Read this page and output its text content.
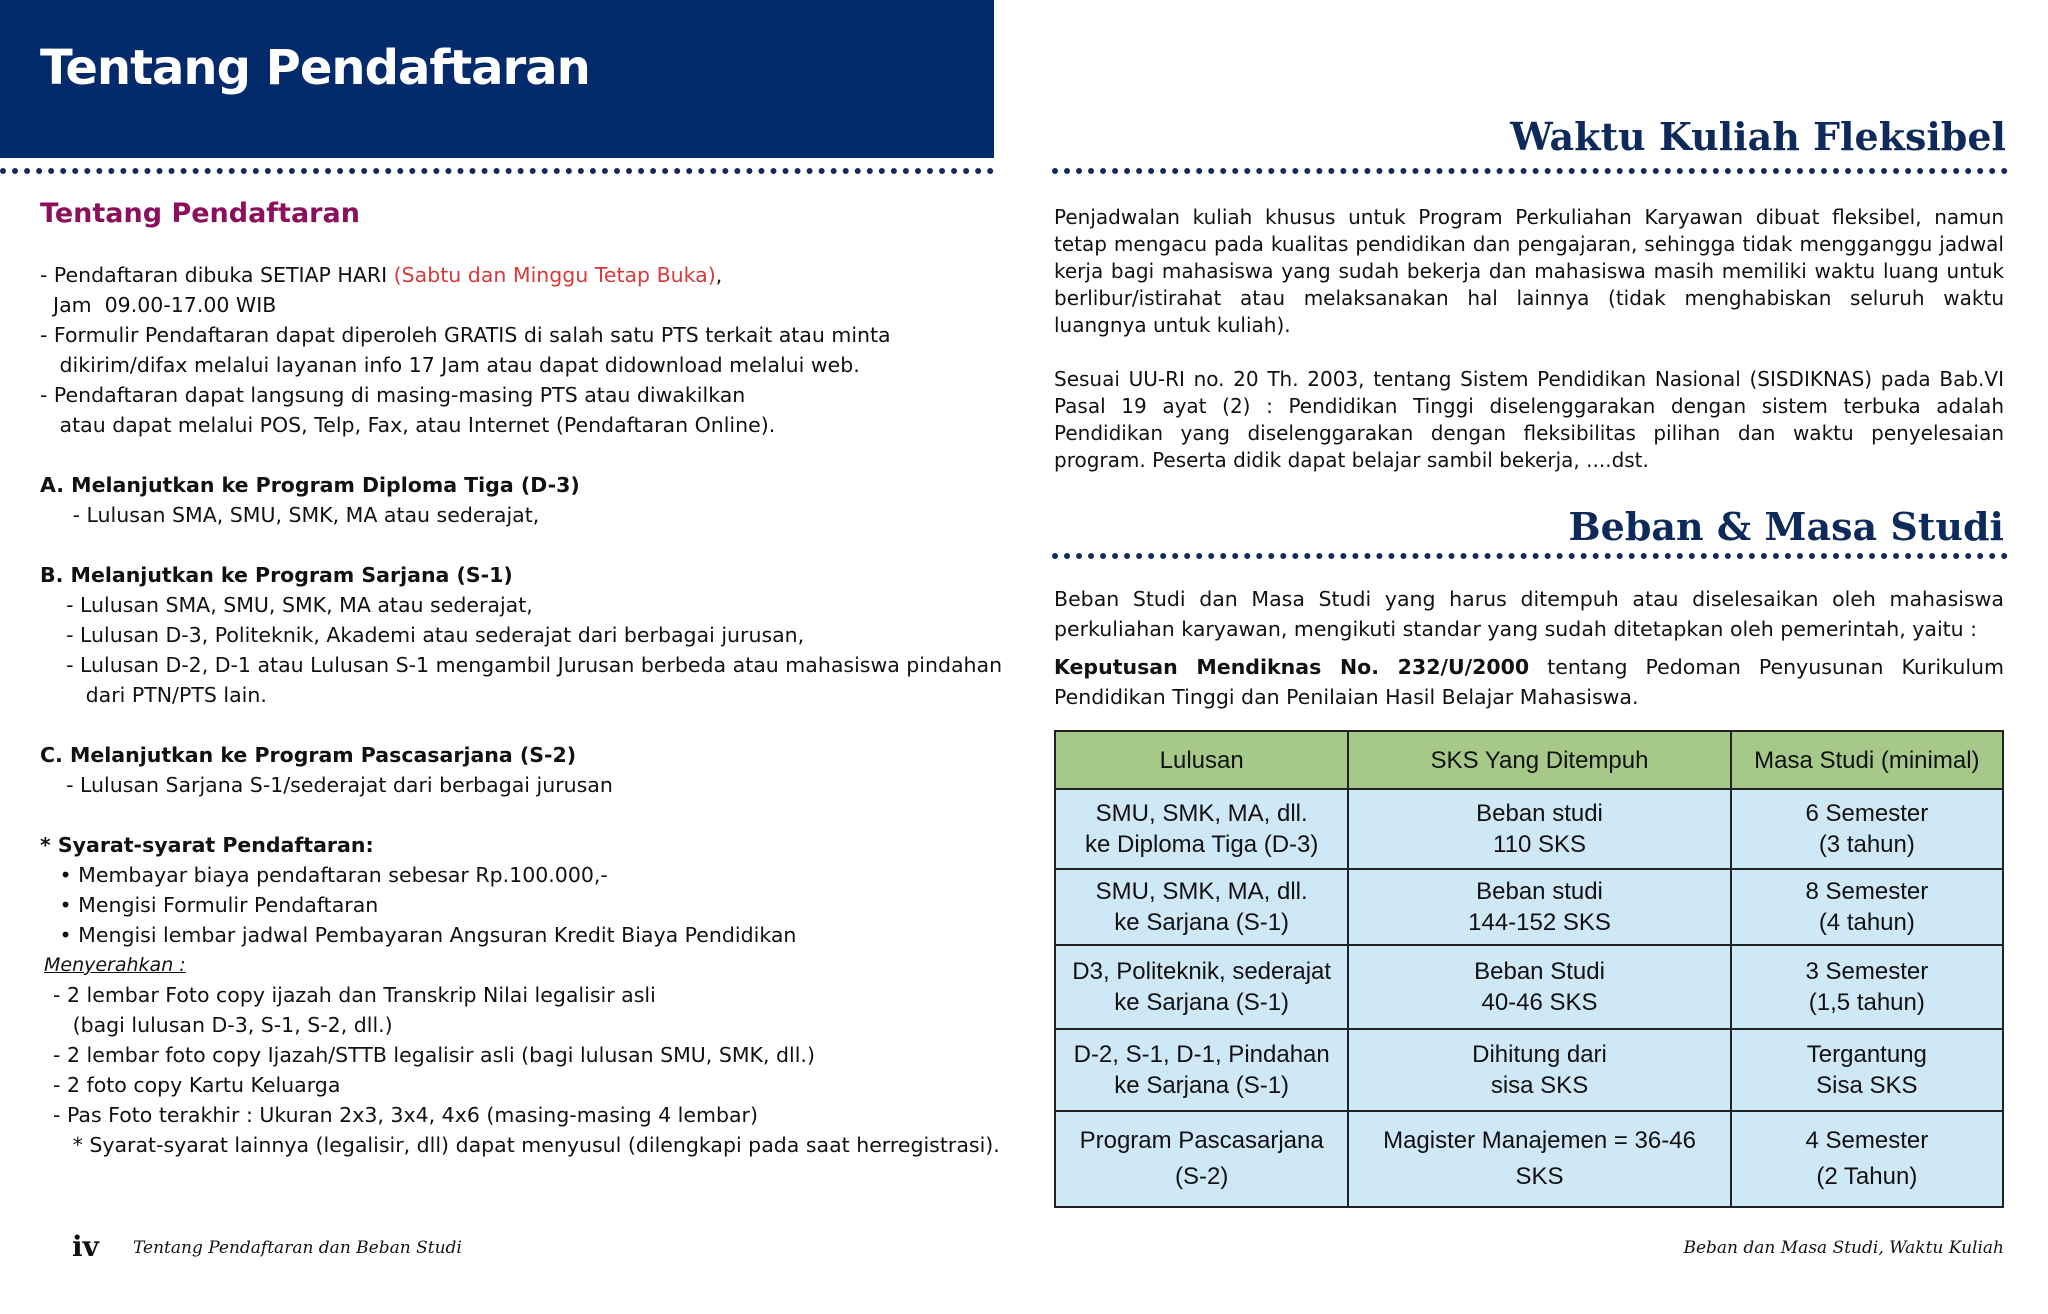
Tentang Pendaftaran
Tentang Pendaftaran

- Pendaftaran dibuka SETIAP HARI (Sabtu dan Minggu Tetap Buka),

Jam  09.00-17.00 WIB

- Formulir Pendaftaran dapat diperoleh GRATIS di salah satu PTS terkait atau minta

dikirim/difax melalui layanan info 17 Jam atau dapat didownload melalui web.

- Pendaftaran dapat langsung di masing-masing PTS atau diwakilkan

atau dapat melalui POS, Telp, Fax, atau Internet (Pendaftaran Online).

A. Melanjutkan ke Program Diploma Tiga (D-3)

- Lulusan SMA, SMU, SMK, MA atau sederajat,

B. Melanjutkan ke Program Sarjana (S-1)

- Lulusan SMA, SMU, SMK, MA atau sederajat,

- Lulusan D-3, Politeknik, Akademi atau sederajat dari berbagai jurusan,

- Lulusan D-2, D-1 atau Lulusan S-1 mengambil Jurusan berbeda atau mahasiswa pindahan

dari PTN/PTS lain.

C. Melanjutkan ke Program Pascasarjana (S-2)

- Lulusan Sarjana S-1/sederajat dari berbagai jurusan

* Syarat-syarat Pendaftaran:

• Membayar biaya pendaftaran sebesar Rp.100.000,-

• Mengisi Formulir Pendaftaran

• Mengisi lembar jadwal Pembayaran Angsuran Kredit Biaya Pendidikan

Menyerahkan :

- 2 lembar Foto copy ijazah dan Transkrip Nilai legalisir asli

(bagi lulusan D-3, S-1, S-2, dll.)

- 2 lembar foto copy Ijazah/STTB legalisir asli (bagi lulusan SMU, SMK, dll.)

- 2 foto copy Kartu Keluarga

- Pas Foto terakhir : Ukuran 2x3, 3x4, 4x6 (masing-masing 4 lembar)

* Syarat-syarat lainnya (legalisir, dll) dapat menyusul (dilengkapi pada saat herregistrasi).

Waktu Kuliah Fleksibel
Penjadwalan kuliah khusus untuk Program Perkuliahan Karyawan dibuat fleksibel, namun tetap mengacu pada kualitas pendidikan dan pengajaran, sehingga tidak mengganggu jadwal kerja bagi mahasiswa yang sudah bekerja dan mahasiswa masih memiliki waktu luang untuk berlibur/istirahat atau melaksanakan hal lainnya (tidak menghabiskan seluruh waktu luangnya untuk kuliah).
Sesuai UU-RI no. 20 Th. 2003, tentang Sistem Pendidikan Nasional (SISDIKNAS) pada Bab.VI Pasal 19 ayat (2) : Pendidikan Tinggi diselenggarakan dengan sistem terbuka adalah Pendidikan yang diselenggarakan dengan fleksibilitas pilihan dan waktu penyelesaian program. Peserta didik dapat belajar sambil bekerja, ....dst.
Beban & Masa Studi
Beban Studi dan Masa Studi yang harus ditempuh atau diselesaikan oleh mahasiswa perkuliahan karyawan, mengikuti standar yang sudah ditetapkan oleh pemerintah, yaitu :
Keputusan Mendiknas No. 232/U/2000 tentang Pedoman Penyusunan Kurikulum Pendidikan Tinggi dan Penilaian Hasil Belajar Mahasiswa.
Lulusan	SKS Yang Ditempuh	Masa Studi (minimal)
SMU, SMK, MA, dll.
ke Diploma Tiga (D-3)	Beban studi
110 SKS	6 Semester
(3 tahun)
SMU, SMK, MA, dll.
ke Sarjana (S-1)	Beban studi
144-152 SKS	8 Semester
(4 tahun)
D3, Politeknik, sederajat
ke Sarjana (S-1)	Beban Studi
40-46 SKS	3 Semester
(1,5 tahun)
D-2, S-1, D-1, Pindahan
ke Sarjana (S-1)	Dihitung dari
sisa SKS	Tergantung
Sisa SKS
Program Pascasarjana
(S-2)	Magister Manajemen = 36-46
SKS	4 Semester
(2 Tahun)
iv Tentang Pendaftaran dan Beban Studi	Beban dan Masa Studi, Waktu Kuliah
